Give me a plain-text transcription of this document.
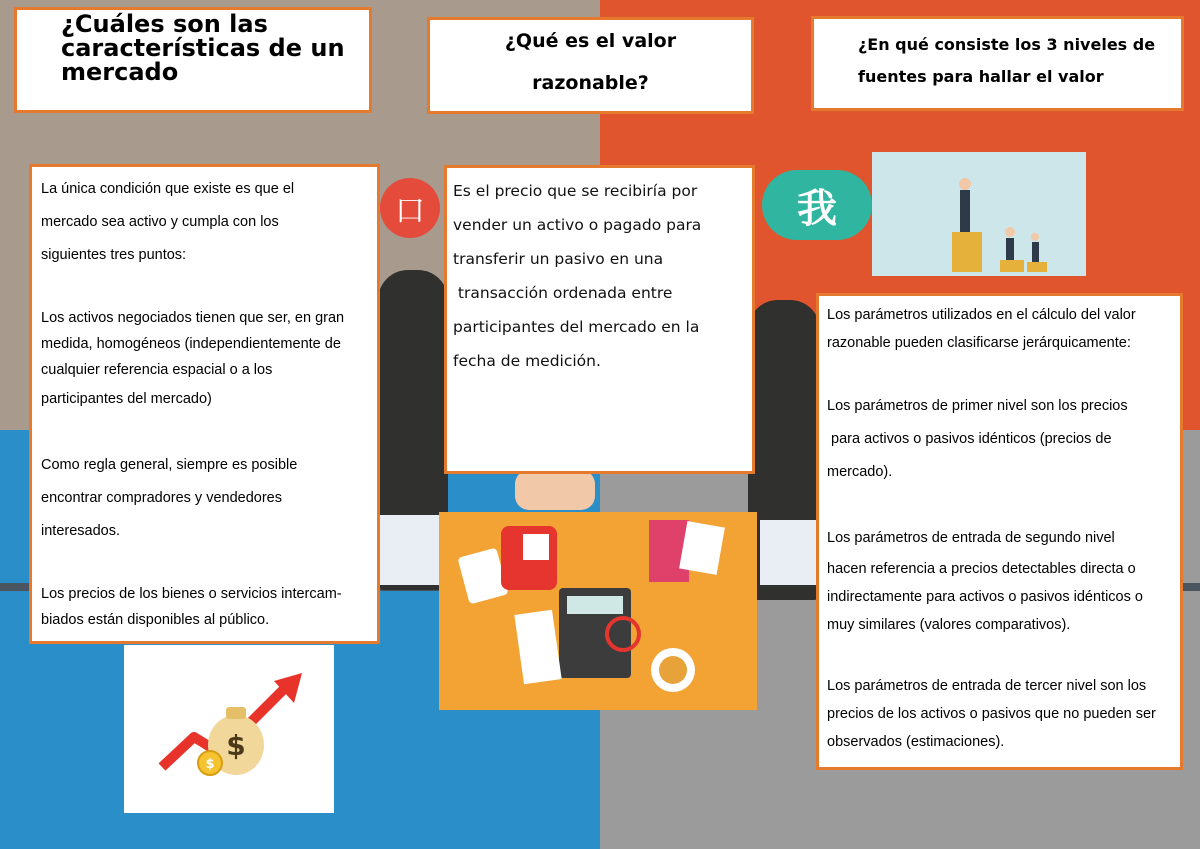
口	我
¿Cuáles son las características de un mercado
¿Qué es el valor
razonable?
¿En qué consiste los 3 niveles de
fuentes para hallar el valor

La única condición que existe es que el

mercado sea activo y cumpla con los

siguientes tres puntos:

Los activos negociados tienen que ser, en gran

medida, homogéneos (independientemente de

cualquier referencia espacial o a los

participantes del mercado)

Como regla general, siempre es posible

encontrar compradores y vendedores

interesados.

Los precios de los bienes o servicios intercam-

biados están disponibles al público.

Es el precio que se recibiría por

vender un activo o pagado para

transferir un pasivo en una

transacción ordenada entre

participantes del mercado en la

fecha de medición.

Los parámetros utilizados en el cálculo del valor

razonable pueden clasificarse jerárquicamente:

Los parámetros de primer nivel son los precios

para activos o pasivos idénticos (precios de

mercado).

Los parámetros de entrada de segundo nivel

hacen referencia a precios detectables directa o

indirectamente para activos o pasivos idénticos o

muy similares (valores comparativos).

Los parámetros de entrada de tercer nivel son los

precios de los activos o pasivos que no pueden ser

observados (estimaciones).

$
$
